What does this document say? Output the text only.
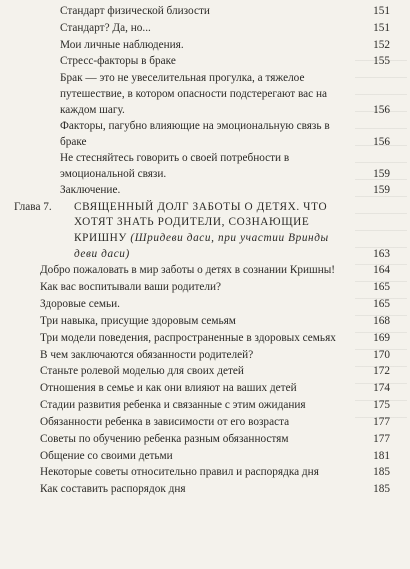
Стандарт физической близости	151
Стандарт? Да, но...	151
Мои личные наблюдения.	152
Стресс-факторы в браке	155
Брак — это не увеселительная прогулка, а тяжелое путешествие, в котором опасности подстерегают вас на каждом шагу.	156
Факторы, пагубно влияющие на эмоциональную связь в браке	156
Не стесняйтесь говорить о своей потребности в эмоциональной связи.	159
Заключение.	159
Глава 7. СВЯЩЕННЫЙ ДОЛГ ЗАБОТЫ О ДЕТЯХ. ЧТО ХОТЯТ ЗНАТЬ РОДИТЕЛИ, СОЗНАЮЩИЕ КРИШНУ (Шридеви даси, при участии Вринды деви даси)	163
Добро пожаловать в мир заботы о детях в сознании Кришны!	164
Как вас воспитывали ваши родители?	165
Здоровые семьи.	165
Три навыка, присущие здоровым семьям	168
Три модели поведения, распространенные в здоровых семьях	169
В чем заключаются обязанности родителей?	170
Станьте ролевой моделью для своих детей	172
Отношения в семье и как они влияют на ваших детей	174
Стадии развития ребенка и связанные с этим ожидания	175
Обязанности ребенка в зависимости от его возраста	177
Советы по обучению ребенка разным обязанностям	177
Общение со своими детьми	181
Некоторые советы относительно правил и распорядка дня	185
Как составить распорядок дня	185
